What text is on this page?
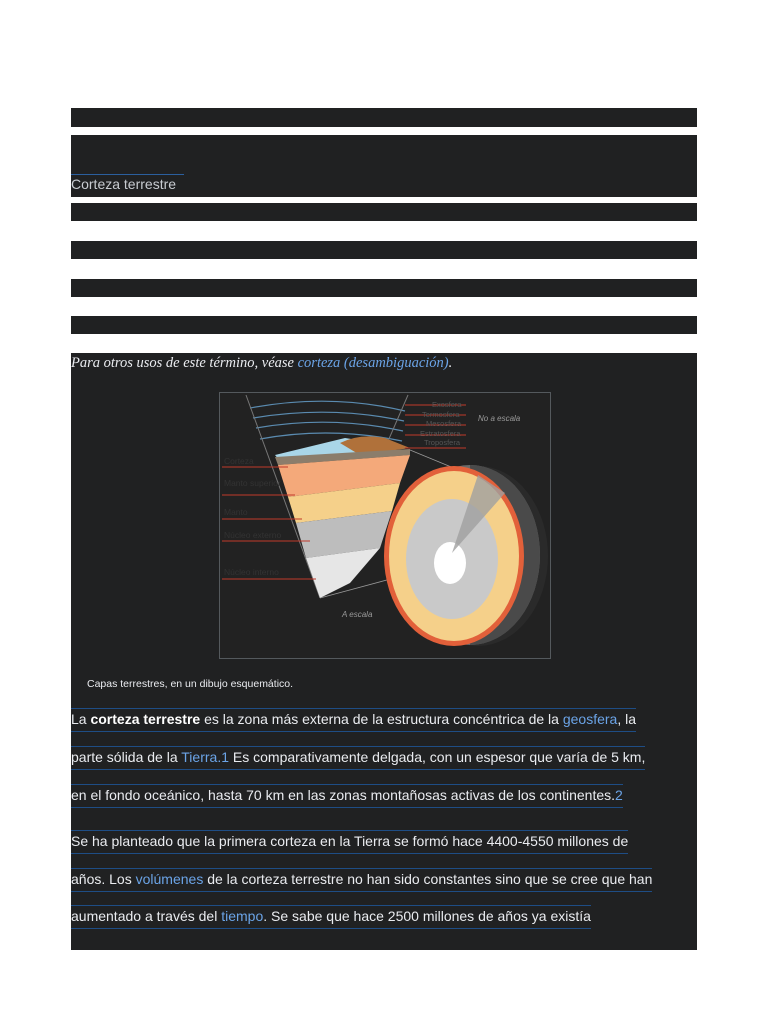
Corteza terrestre
Para otros usos de este término, véase corteza (desambiguación).
Exosfera
Termosfera
Mesosfera
Estratosfera
Troposfera
No a escala
Corteza
Manto superior
Manto
Núcleo externo
Núcleo interno
A escala
Capas terrestres, en un dibujo esquemático.
La corteza terrestre es la zona más externa de la estructura concéntrica de la geosfera, la
parte sólida de la Tierra.1 Es comparativamente delgada, con un espesor que varía de 5 km,
en el fondo oceánico, hasta 70 km en las zonas montañosas activas de los continentes.2
Se ha planteado que la primera corteza en la Tierra se formó hace 4400-4550 millones de
años. Los volúmenes de la corteza terrestre no han sido constantes sino que se cree que han
aumentado a través del tiempo. Se sabe que hace 2500 millones de años ya existía
